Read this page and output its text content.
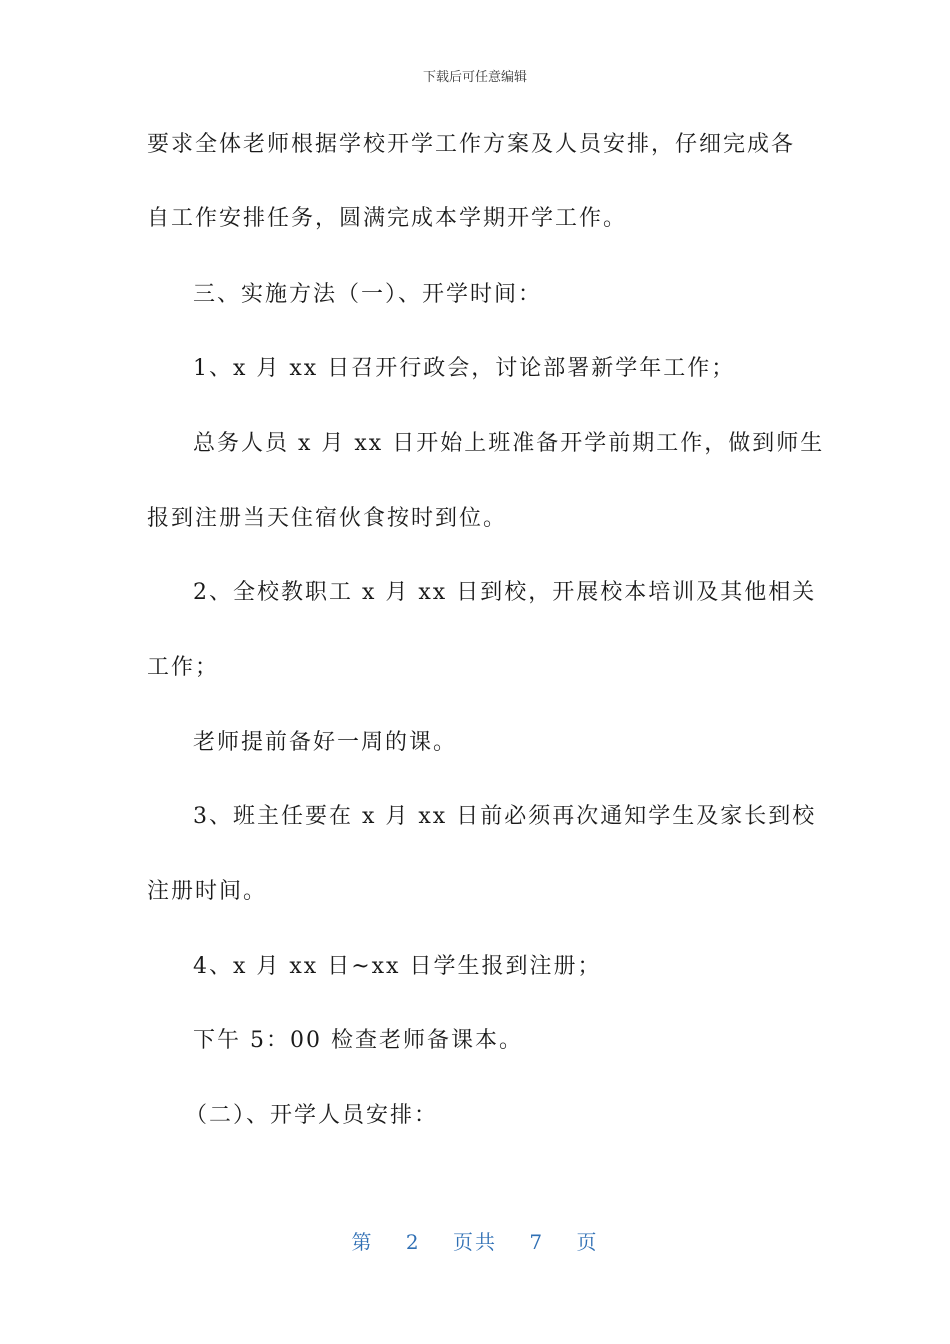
下载后可任意编辑
要求全体老师根据学校开学工作方案及人员安排，仔细完成各
自工作安排任务，圆满完成本学期开学工作。
三、实施方法（一）、开学时间：
1、x 月 xx 日召开行政会，讨论部署新学年工作；
总务人员 x 月 xx 日开始上班准备开学前期工作，做到师生
报到注册当天住宿伙食按时到位。
2、全校教职工 x 月 xx 日到校，开展校本培训及其他相关
工作；
老师提前备好一周的课。
3、班主任要在 x 月 xx 日前必须再次通知学生及家长到校
注册时间。
4、x 月 xx 日~xx 日学生报到注册；
下午 5：00 检查老师备课本。
（二）、开学人员安排：
第 2 页共 7 页
